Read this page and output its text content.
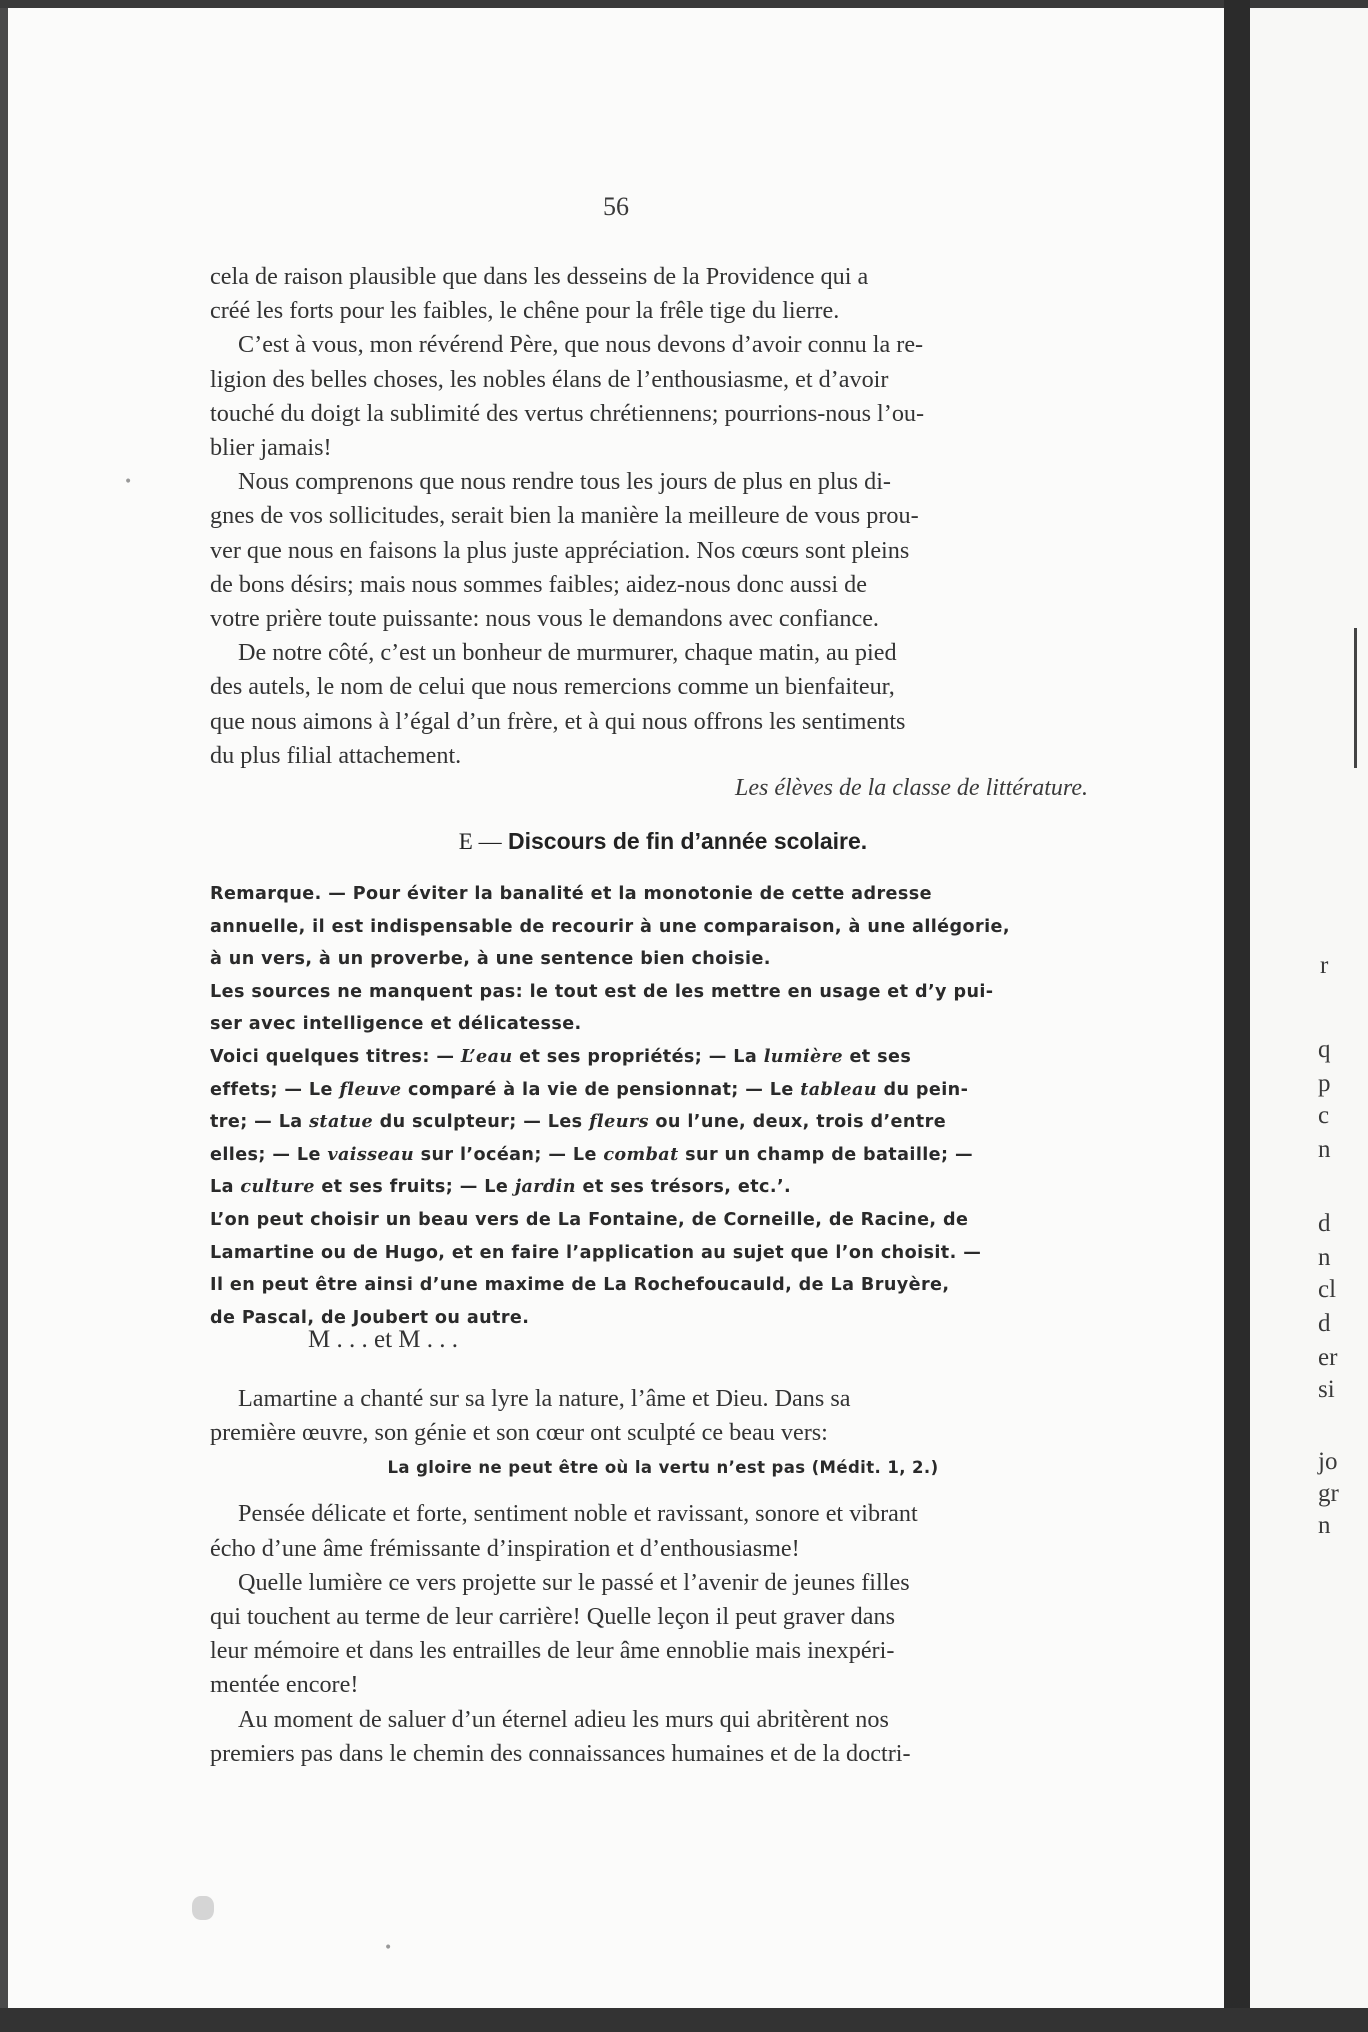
56

cela de raison plausible que dans les desseins de la Providence qui a
créé les forts pour les faibles, le chêne pour la frêle tige du lierre.

C’est à vous, mon révérend Père, que nous devons d’avoir connu la re-
ligion des belles choses, les nobles élans de l’enthousiasme, et d’avoir
touché du doigt la sublimité des vertus chrétiennens; pourrions-nous l’ou-
blier jamais!

Nous comprenons que nous rendre tous les jours de plus en plus di-
gnes de vos sollicitudes, serait bien la manière la meilleure de vous prou-
ver que nous en faisons la plus juste appréciation. Nos cœurs sont pleins
de bons désirs; mais nous sommes faibles; aidez-nous donc aussi de
votre prière toute puissante: nous vous le demandons avec confiance.

De notre côté, c’est un bonheur de murmurer, chaque matin, au pied
des autels, le nom de celui que nous remercions comme un bienfaiteur,
que nous aimons à l’égal d’un frère, et à qui nous offrons les sentiments
du plus filial attachement.

Les élèves de la classe de littérature.

E — Discours de fin d’année scolaire.

Remarque. — Pour éviter la banalité et la monotonie de cette adresse
annuelle, il est indispensable de recourir à une comparaison, à une allégorie,
à un vers, à un proverbe, à une sentence bien choisie.

Les sources ne manquent pas: le tout est de les mettre en usage et d’y pui-
ser avec intelligence et délicatesse.

Voici quelques titres: — L’eau et ses propriétés; — La lumière et ses
effets; — Le fleuve comparé à la vie de pensionnat; — Le tableau du pein-
tre; — La statue du sculpteur; — Les fleurs ou l’une, deux, trois d’entre
elles; — Le vaisseau sur l’océan; — Le combat sur un champ de bataille; —
La culture et ses fruits; — Le jardin et ses trésors, etc.’.

L’on peut choisir un beau vers de La Fontaine, de Corneille, de Racine, de
Lamartine ou de Hugo, et en faire l’application au sujet que l’on choisit. —
Il en peut être ainsi d’une maxime de La Rochefoucauld, de La Bruyère,
de Pascal, de Joubert ou autre.

M . . . et M . . .

Lamartine a chanté sur sa lyre la nature, l’âme et Dieu. Dans sa
première œuvre, son génie et son cœur ont sculpté ce beau vers:

La gloire ne peut être où la vertu n’est pas (Médit. 1, 2.)

Pensée délicate et forte, sentiment noble et ravissant, sonore et vibrant
écho d’une âme frémissante d’inspiration et d’enthousiasme!

Quelle lumière ce vers projette sur le passé et l’avenir de jeunes filles
qui touchent au terme de leur carrière! Quelle leçon il peut graver dans
leur mémoire et dans les entrailles de leur âme ennoblie mais inexpéri-
mentée encore!

Au moment de saluer d’un éternel adieu les murs qui abritèrent nos
premiers pas dans le chemin des connaissances humaines et de la doctri-

•
•
r
q
p
c
n
d
n
cl
d
er
si
jo
gr
n
